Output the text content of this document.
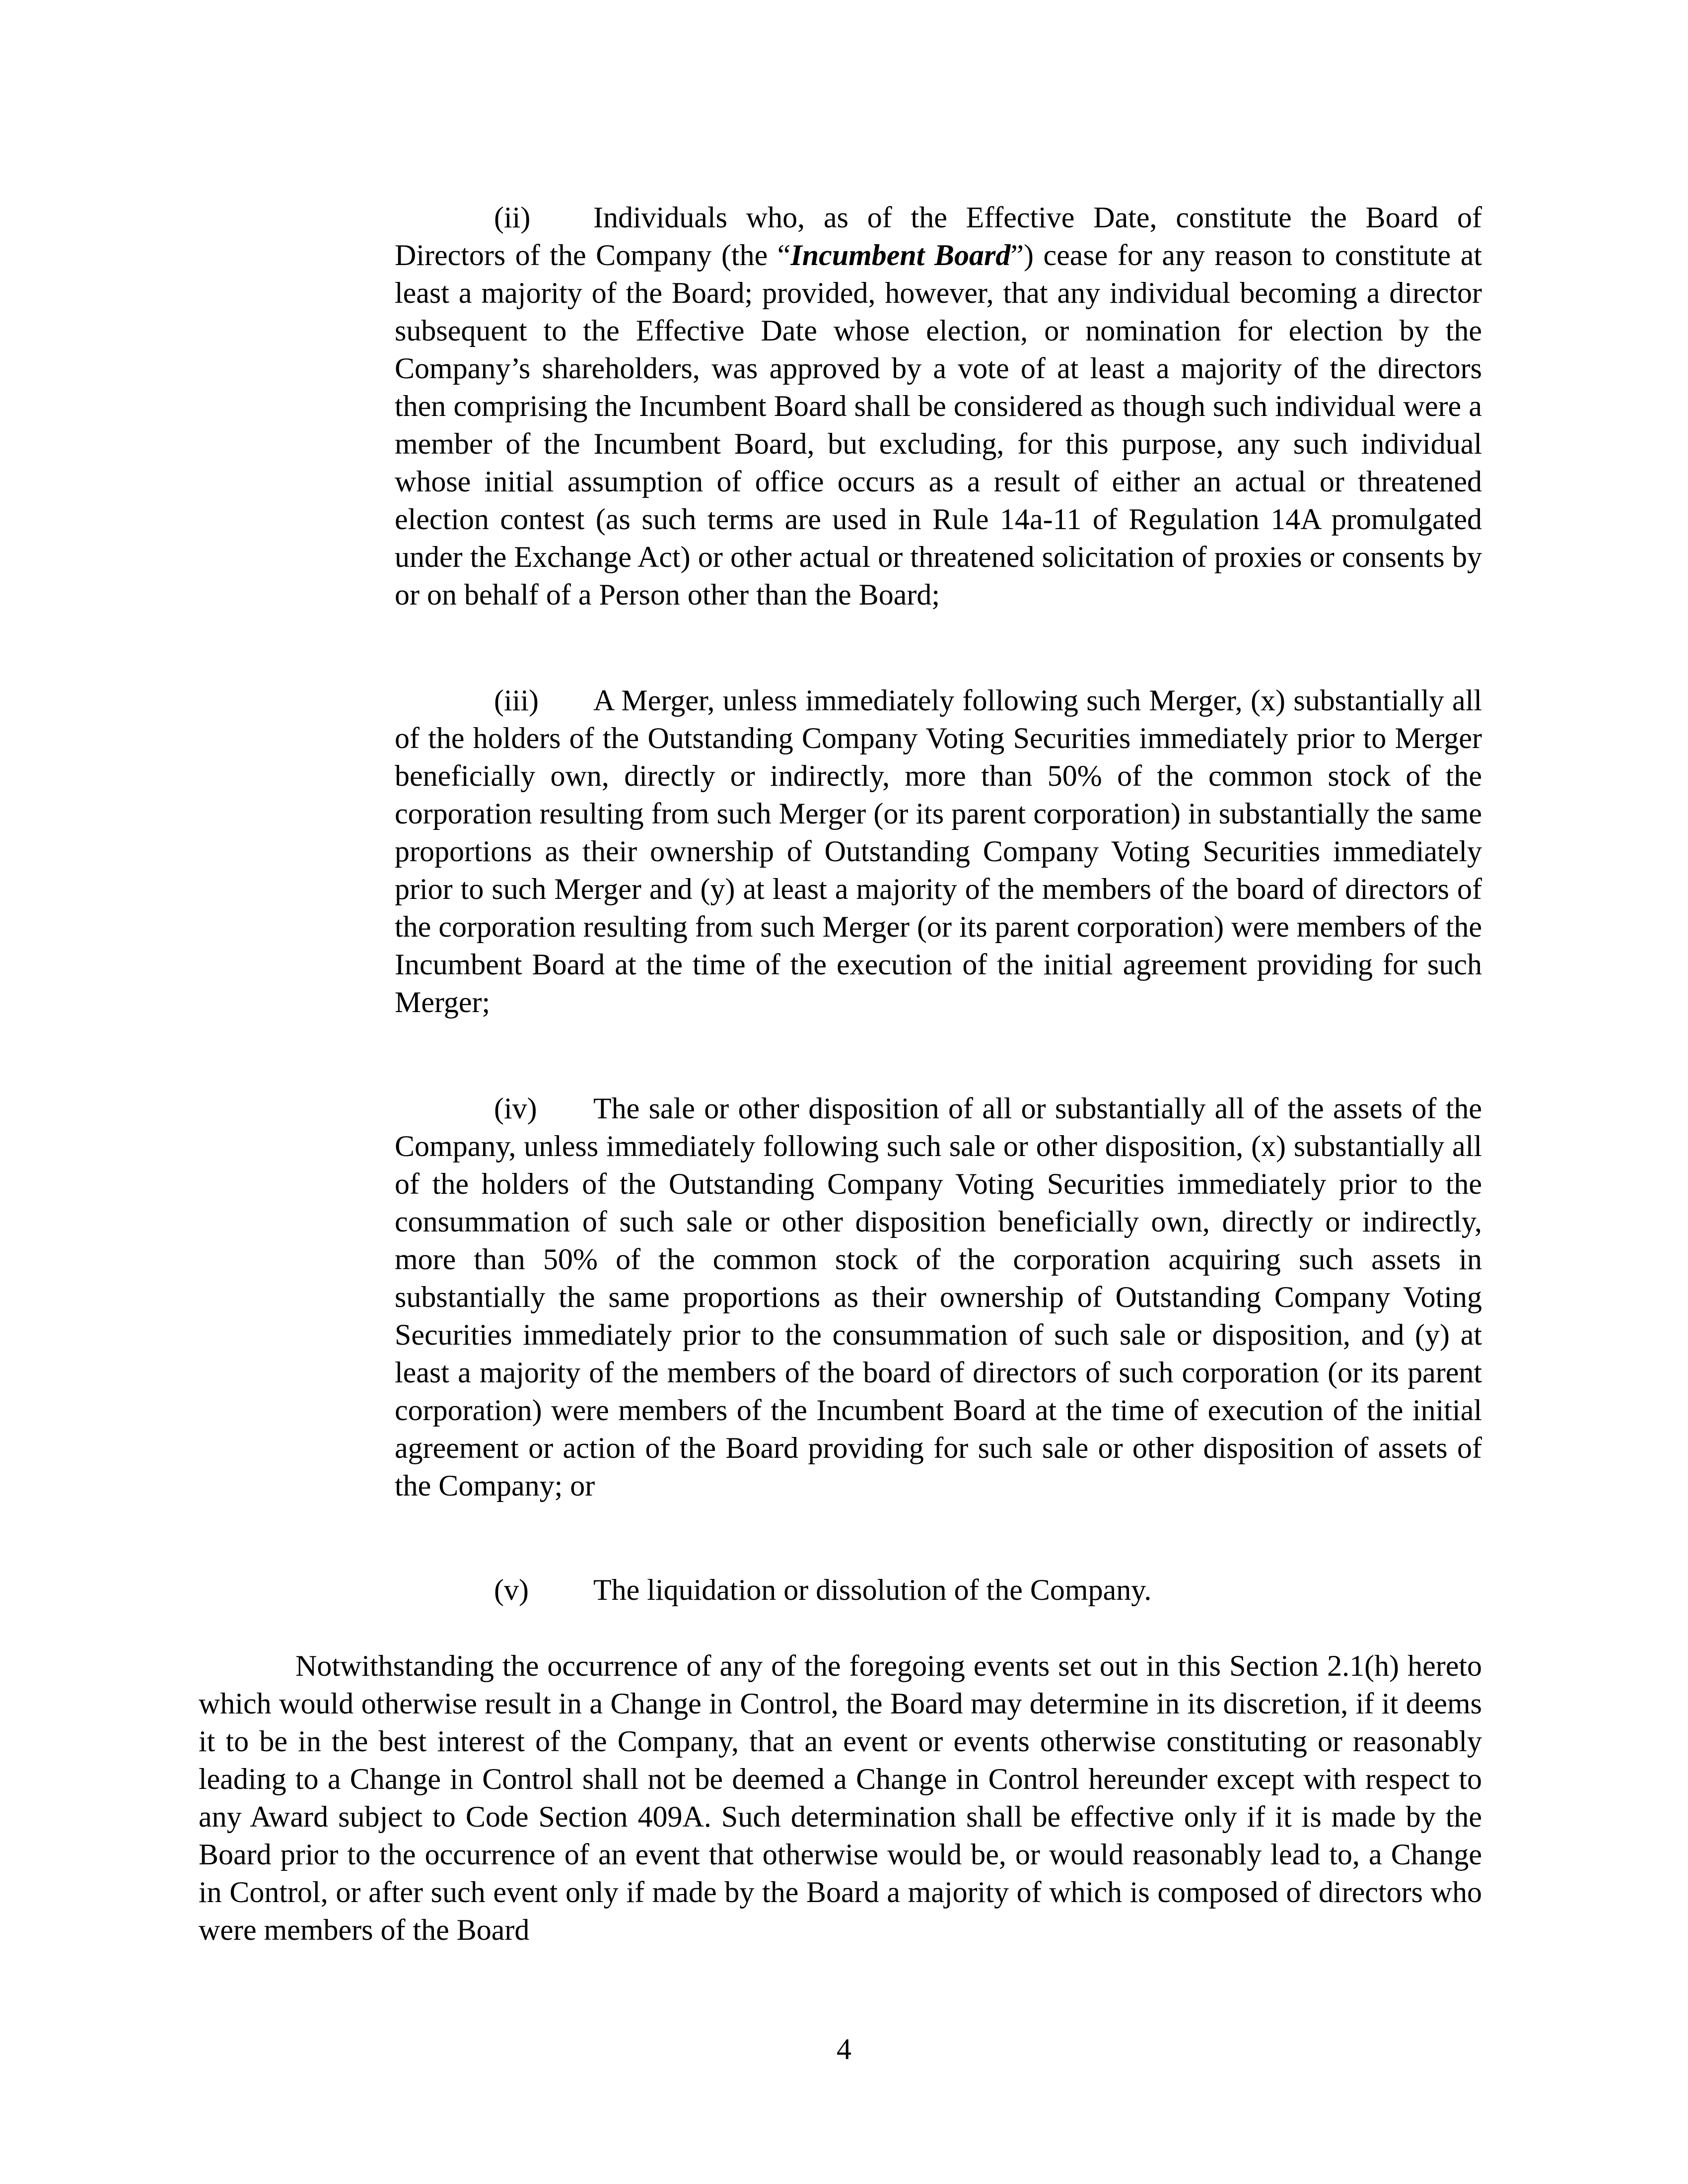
(ii) Individuals who, as of the Effective Date, constitute the Board of Directors of the Company (the “Incumbent Board”) cease for any reason to constitute at least a majority of the Board; provided, however, that any individual becoming a director subsequent to the Effective Date whose election, or nomination for election by the Company’s shareholders, was approved by a vote of at least a majority of the directors then comprising the Incumbent Board shall be considered as though such individual were a member of the Incumbent Board, but excluding, for this purpose, any such individual whose initial assumption of office occurs as a result of either an actual or threatened election contest (as such terms are used in Rule 14a-11 of Regulation 14A promulgated under the Exchange Act) or other actual or threatened solicitation of proxies or consents by or on behalf of a Person other than the Board;

(iii) A Merger, unless immediately following such Merger, (x) substantially all of the holders of the Outstanding Company Voting Securities immediately prior to Merger beneficially own, directly or indirectly, more than 50% of the common stock of the corporation resulting from such Merger (or its parent corporation) in substantially the same proportions as their ownership of Outstanding Company Voting Securities immediately prior to such Merger and (y) at least a majority of the members of the board of directors of the corporation resulting from such Merger (or its parent corporation) were members of the Incumbent Board at the time of the execution of the initial agreement providing for such Merger;

(iv) The sale or other disposition of all or substantially all of the assets of the Company, unless immediately following such sale or other disposition, (x) substantially all of the holders of the Outstanding Company Voting Securities immediately prior to the consummation of such sale or other disposition beneficially own, directly or indirectly, more than 50% of the common stock of the corporation acquiring such assets in substantially the same proportions as their ownership of Outstanding Company Voting Securities immediately prior to the consummation of such sale or disposition, and (y) at least a majority of the members of the board of directors of such corporation (or its parent corporation) were members of the Incumbent Board at the time of execution of the initial agreement or action of the Board providing for such sale or other disposition of assets of the Company; or

(v) The liquidation or dissolution of the Company.

Notwithstanding the occurrence of any of the foregoing events set out in this Section 2.1(h) hereto which would otherwise result in a Change in Control, the Board may determine in its discretion, if it deems it to be in the best interest of the Company, that an event or events otherwise constituting or reasonably leading to a Change in Control shall not be deemed a Change in Control hereunder except with respect to any Award subject to Code Section 409A. Such determination shall be effective only if it is made by the Board prior to the occurrence of an event that otherwise would be, or would reasonably lead to, a Change in Control, or after such event only if made by the Board a majority of which is composed of directors who were members of the Board

4
